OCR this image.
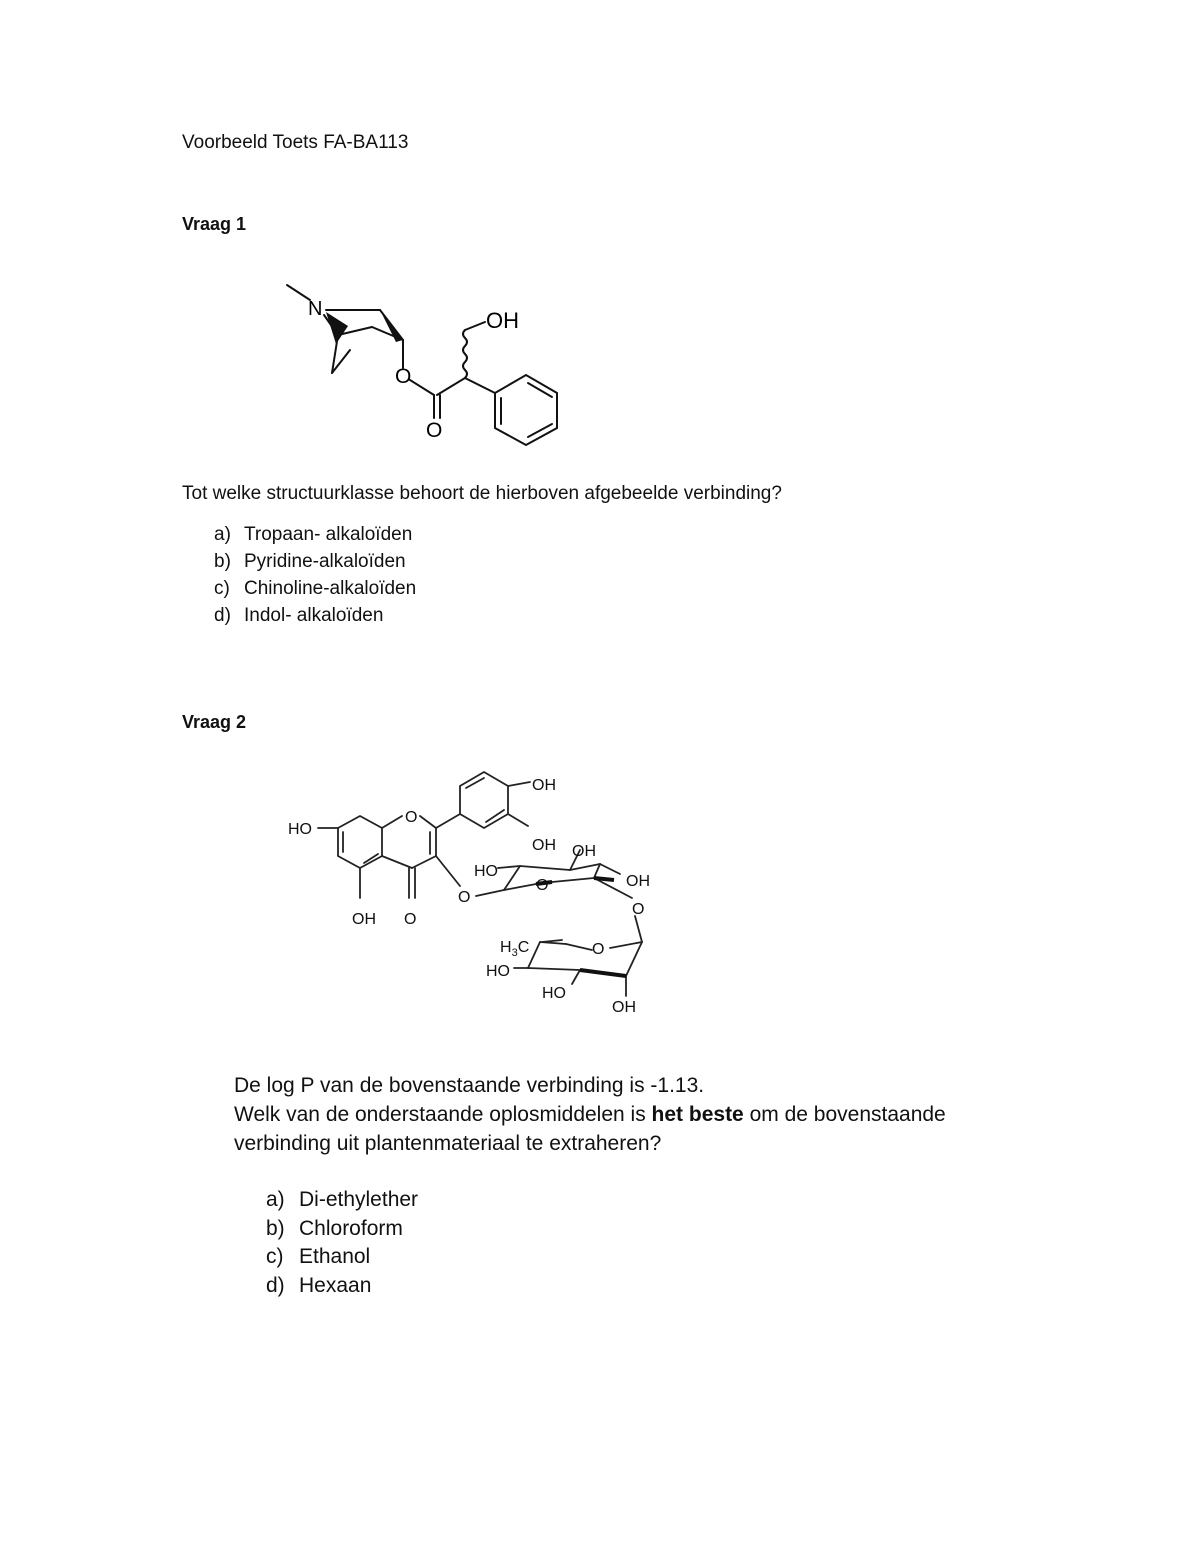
Voorbeeld Toets FA-BA113
Vraag 1
N	OH
O
O
Tot welke structuurklasse behoort de hierboven afgebeelde verbinding?
a) Tropaan- alkaloïden
b) Pyridine-alkaloïden
c) Chinoline-alkaloïden
d) Indol- alkaloïden
Vraag 2
HO
OH O
O
OH
OH
O
HO
O
OH
OH
O
$H_3C$	O
HO
HO
OH
De log P van de bovenstaande verbinding is -1.13.
Welk van de onderstaande oplosmiddelen is het beste om de bovenstaande
verbinding uit plantenmateriaal te extraheren?
a) Di-ethylether
b) Chloroform
c) Ethanol
d) Hexaan
